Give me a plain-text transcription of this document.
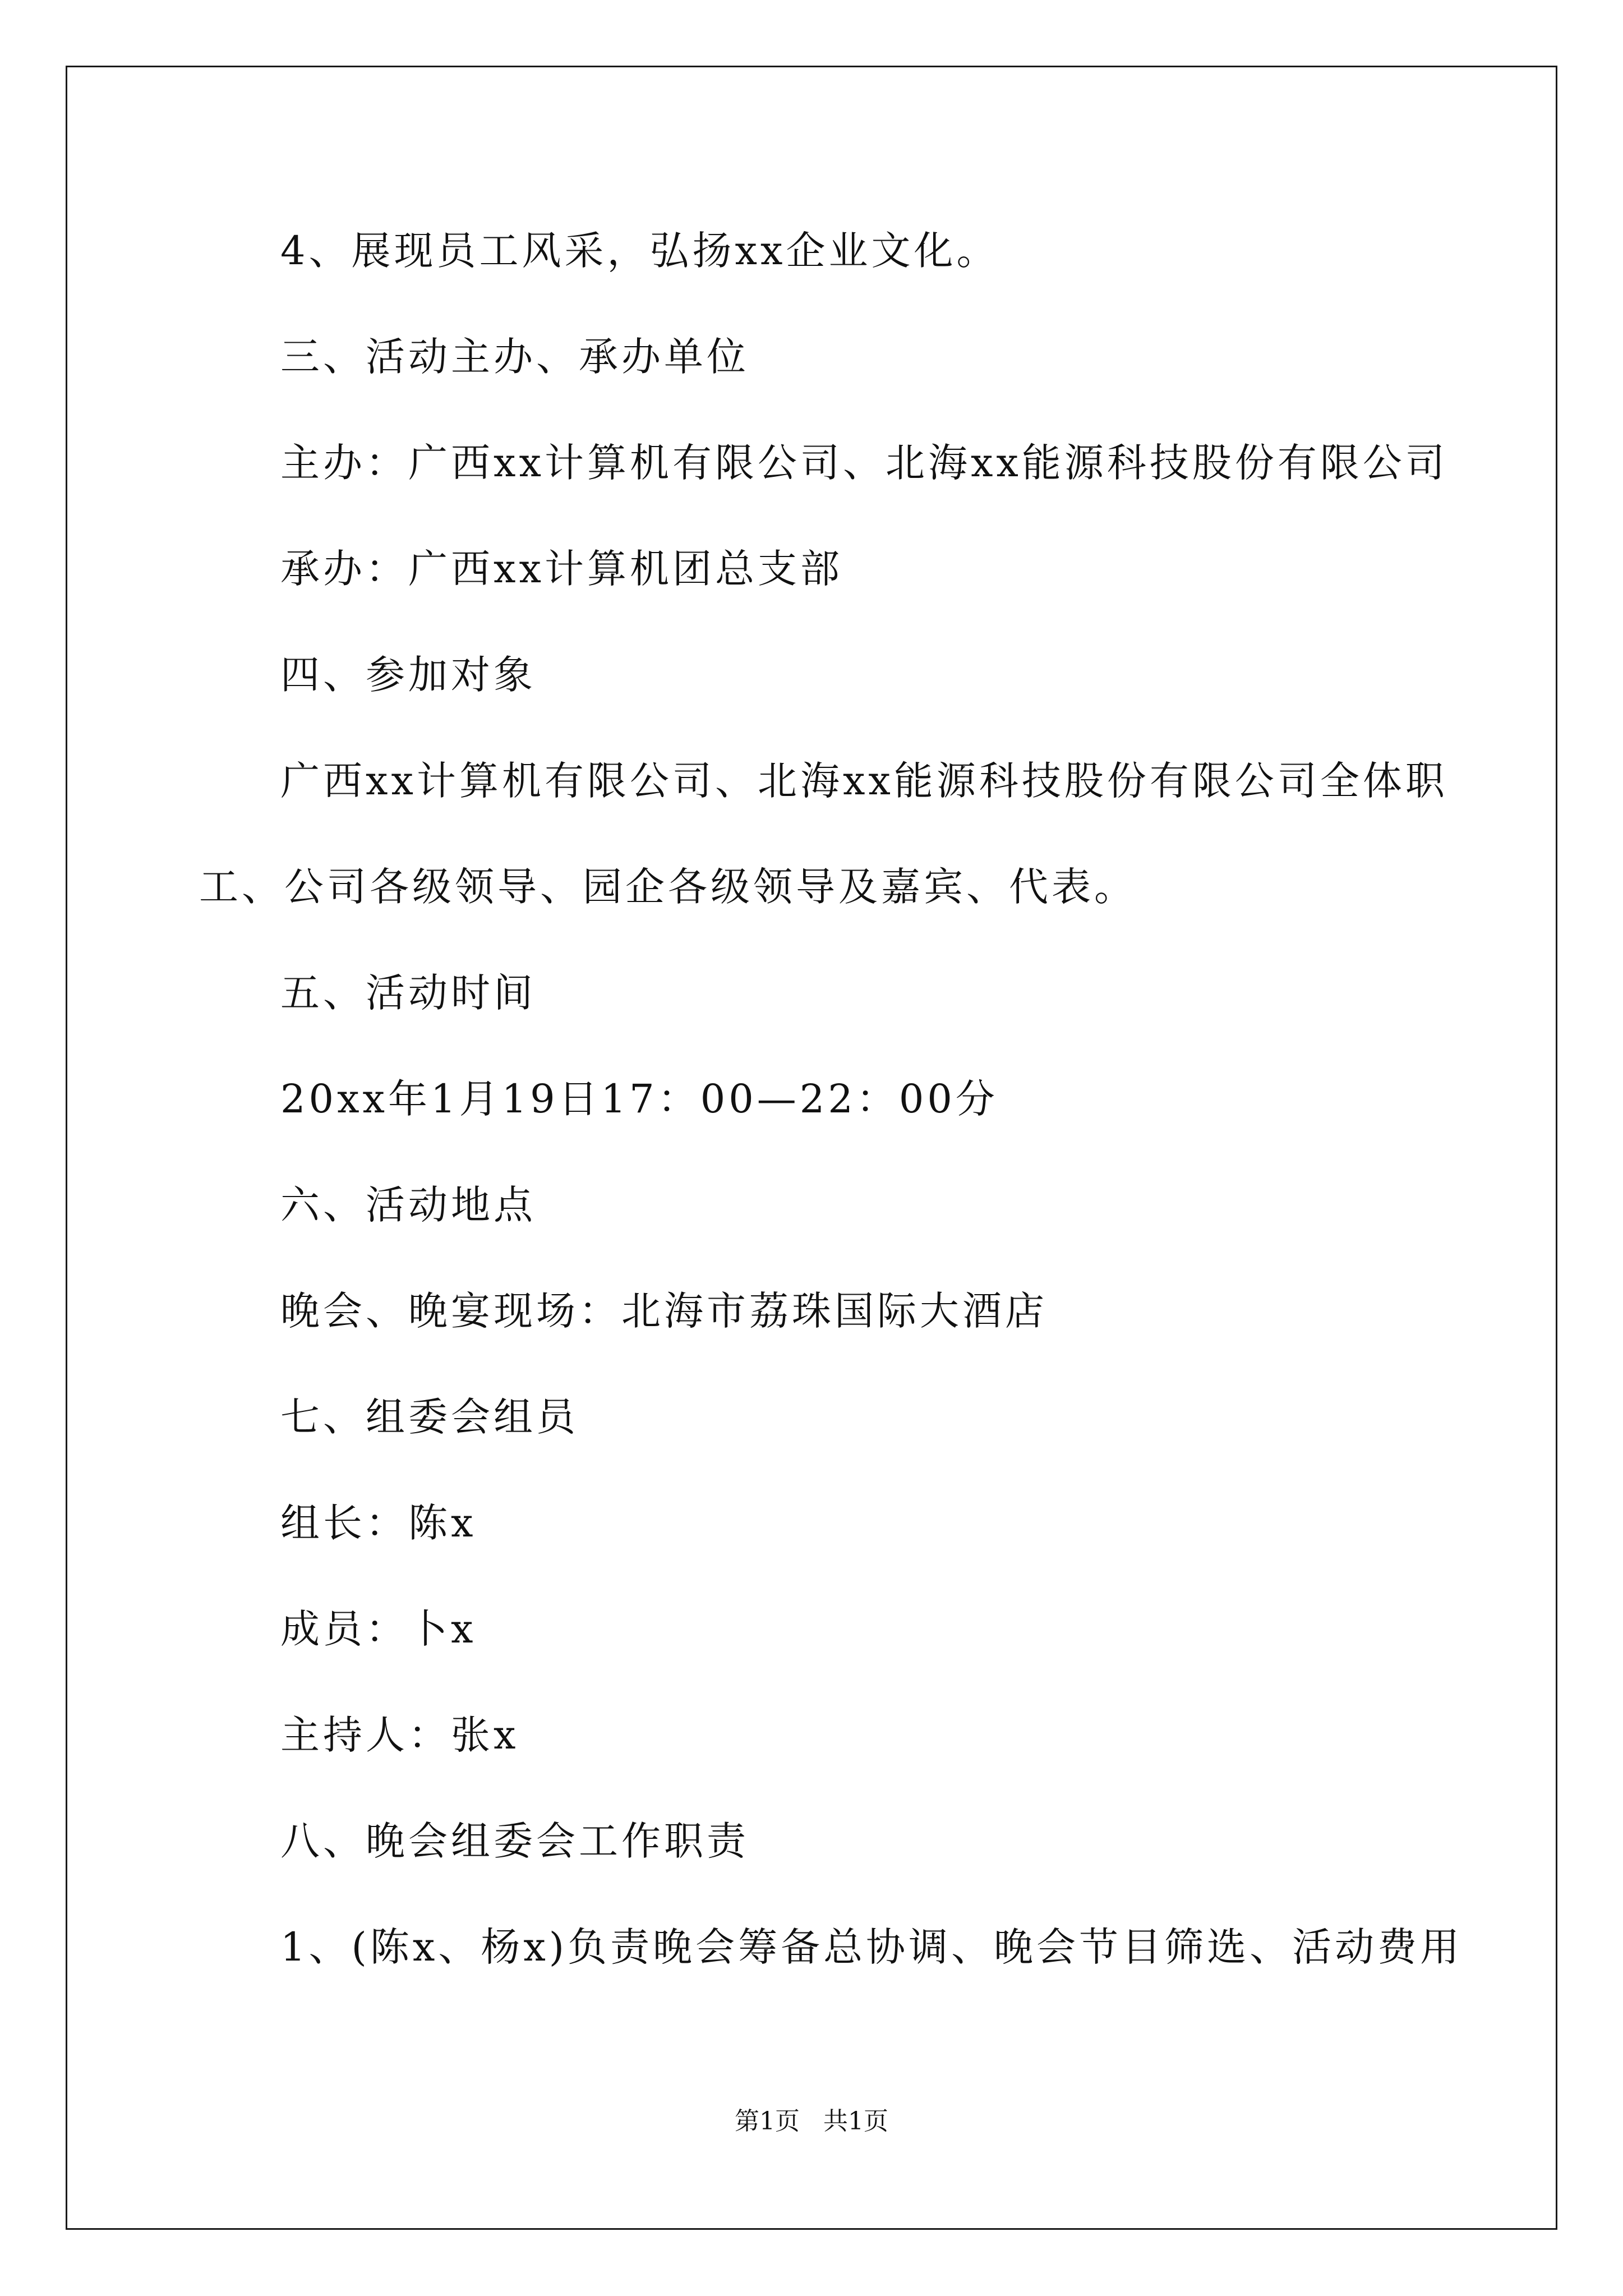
4、展现员工风采，弘扬xx企业文化。
三、活动主办、承办单位
主办：广西xx计算机有限公司、北海xx能源科技股份有限公司
承办：广西xx计算机团总支部
四、参加对象
广西xx计算机有限公司、北海xx能源科技股份有限公司全体职
工、公司各级领导、园企各级领导及嘉宾、代表。
五、活动时间
20xx年1月19日17：00—22：00分
六、活动地点
晚会、晚宴现场：北海市荔珠国际大酒店
七、组委会组员
组长：陈x
成员：卜x
主持人：张x
八、晚会组委会工作职责
1、(陈x、杨x)负责晚会筹备总协调、晚会节目筛选、活动费用
第1页   共1页
